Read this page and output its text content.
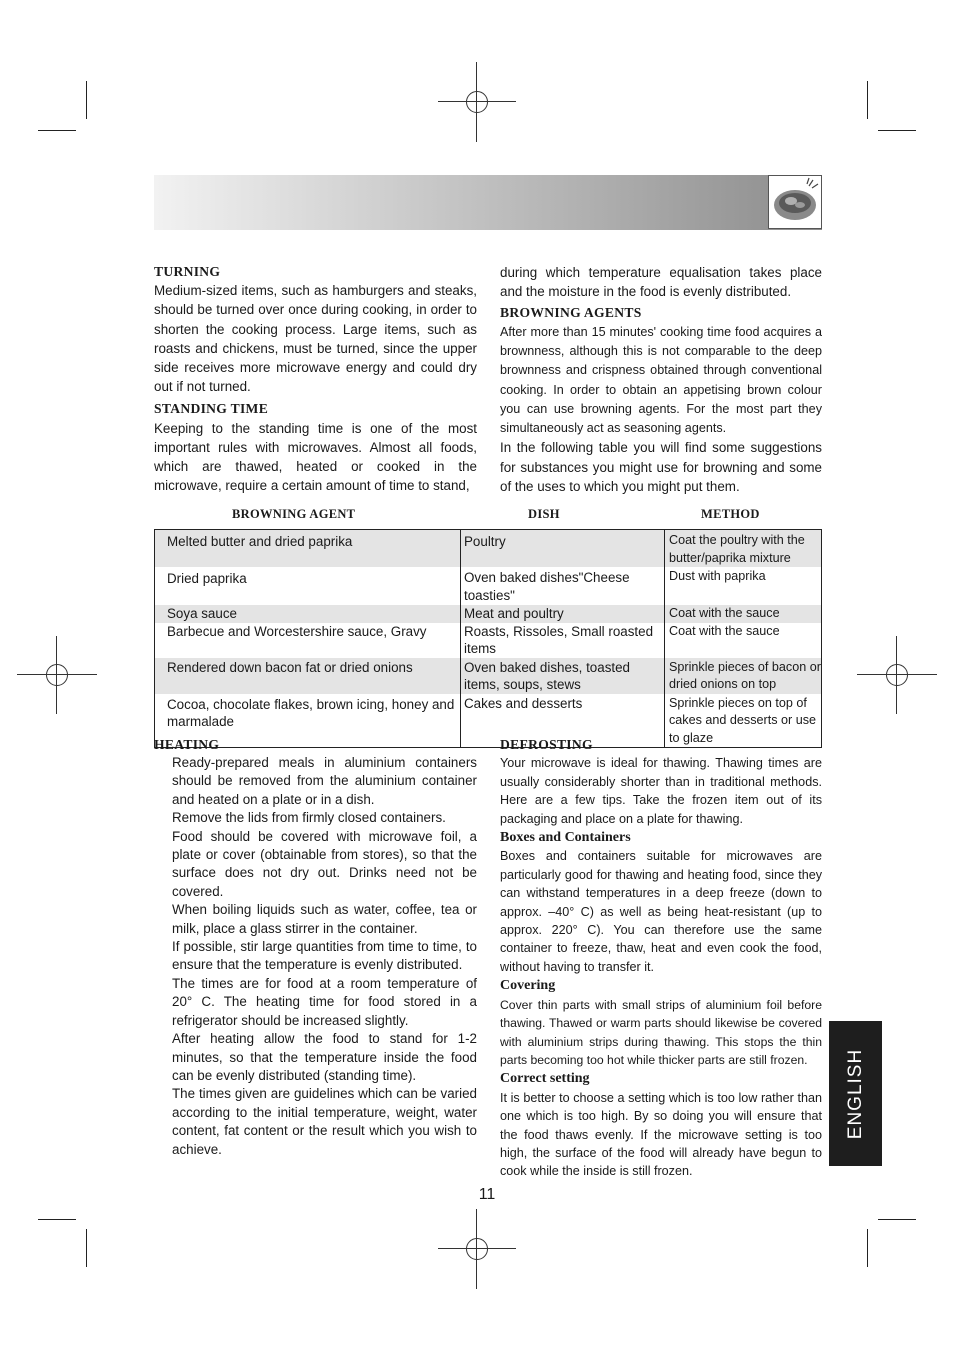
TURNING

Medium-sized items, such as hamburgers and steaks, should be turned over once during cooking, in order to shorten the cooking process. Large items, such as roasts and chickens, must be turned, since the upper side receives more microwave energy and could dry out if not turned.

STANDING TIME

Keeping to the standing time is one of the most important rules with microwaves. Almost all foods, which are thawed, heated or cooked in the microwave, require a certain amount of time to stand,

during which temperature equalisation takes place and the moisture in the food is evenly distributed.

BROWNING AGENTS

After more than 15 minutes' cooking time food acquires a brownness, although this is not comparable to the deep brownness and crispness obtained through conventional cooking. In order to obtain an appetising brown colour you can use browning agents. For the most part they simultaneously act as seasoning agents.

In the following table you will find some suggestions for substances you might use for browning and some of the uses to which you might put them.

BROWNING AGENT	DISH	METHOD
Melted butter and dried paprika	Poultry	Coat the poultry with the butter/paprika mixture
Dried paprika	Oven baked dishes"Cheese toasties"	Dust with paprika
Soya sauce	Meat and poultry	Coat with the sauce
Barbecue and Worcestershire sauce, Gravy	Roasts, Rissoles, Small roasted items	Coat with the sauce
Rendered down bacon fat or dried onions	Oven baked dishes, toasted items, soups, stews	Sprinkle pieces of bacon or dried onions on top
Cocoa, chocolate flakes, brown icing, honey and marmalade	Cakes and desserts	Sprinkle pieces on top of cakes and desserts or use to glaze
HEATING

Ready-prepared meals in aluminium containers should be removed from the aluminium container and heated on a plate or in a dish.

Remove the lids from firmly closed containers.

Food should be covered with microwave foil, a plate or cover (obtainable from stores), so that the surface does not dry out. Drinks need not be covered.

When boiling liquids such as water, coffee, tea or milk, place a glass stirrer in the container.

If possible, stir large quantities from time to time, to ensure that the temperature is evenly distributed.

The times are for food at a room temperature of 20° C. The heating time for food stored in a refrigerator should be increased slightly.

After heating allow the food to stand for 1-2 minutes, so that the temperature inside the food can be evenly distributed (standing time).

The times given are guidelines which can be varied according to the initial temperature, weight, water content, fat content or the result which you wish to achieve.

DEFROSTING

Your microwave is ideal for thawing. Thawing times are usually considerably shorter than in traditional methods. Here are a few tips. Take the frozen item out of its packaging and place on a plate for thawing.

Boxes and Containers

Boxes and containers suitable for microwaves are particularly good for thawing and heating food, since they can withstand temperatures in a deep freeze (down to approx. –40° C) as well as being heat-resistant (up to approx. 220° C). You can therefore use the same container to freeze, thaw, heat and even cook the food, without having to transfer it.

Covering

Cover thin parts with small strips of aluminium foil before thawing. Thawed or warm parts should likewise be covered with aluminium strips during thawing. This stops the thin parts becoming too hot while thicker parts are still frozen.

Correct setting

It is better to choose a setting which is too low rather than one which is too high. By so doing you will ensure that the food thaws evenly. If the microwave setting is too high, the surface of the food will already have begun to cook while the inside is still frozen.

ENGLISH
11
